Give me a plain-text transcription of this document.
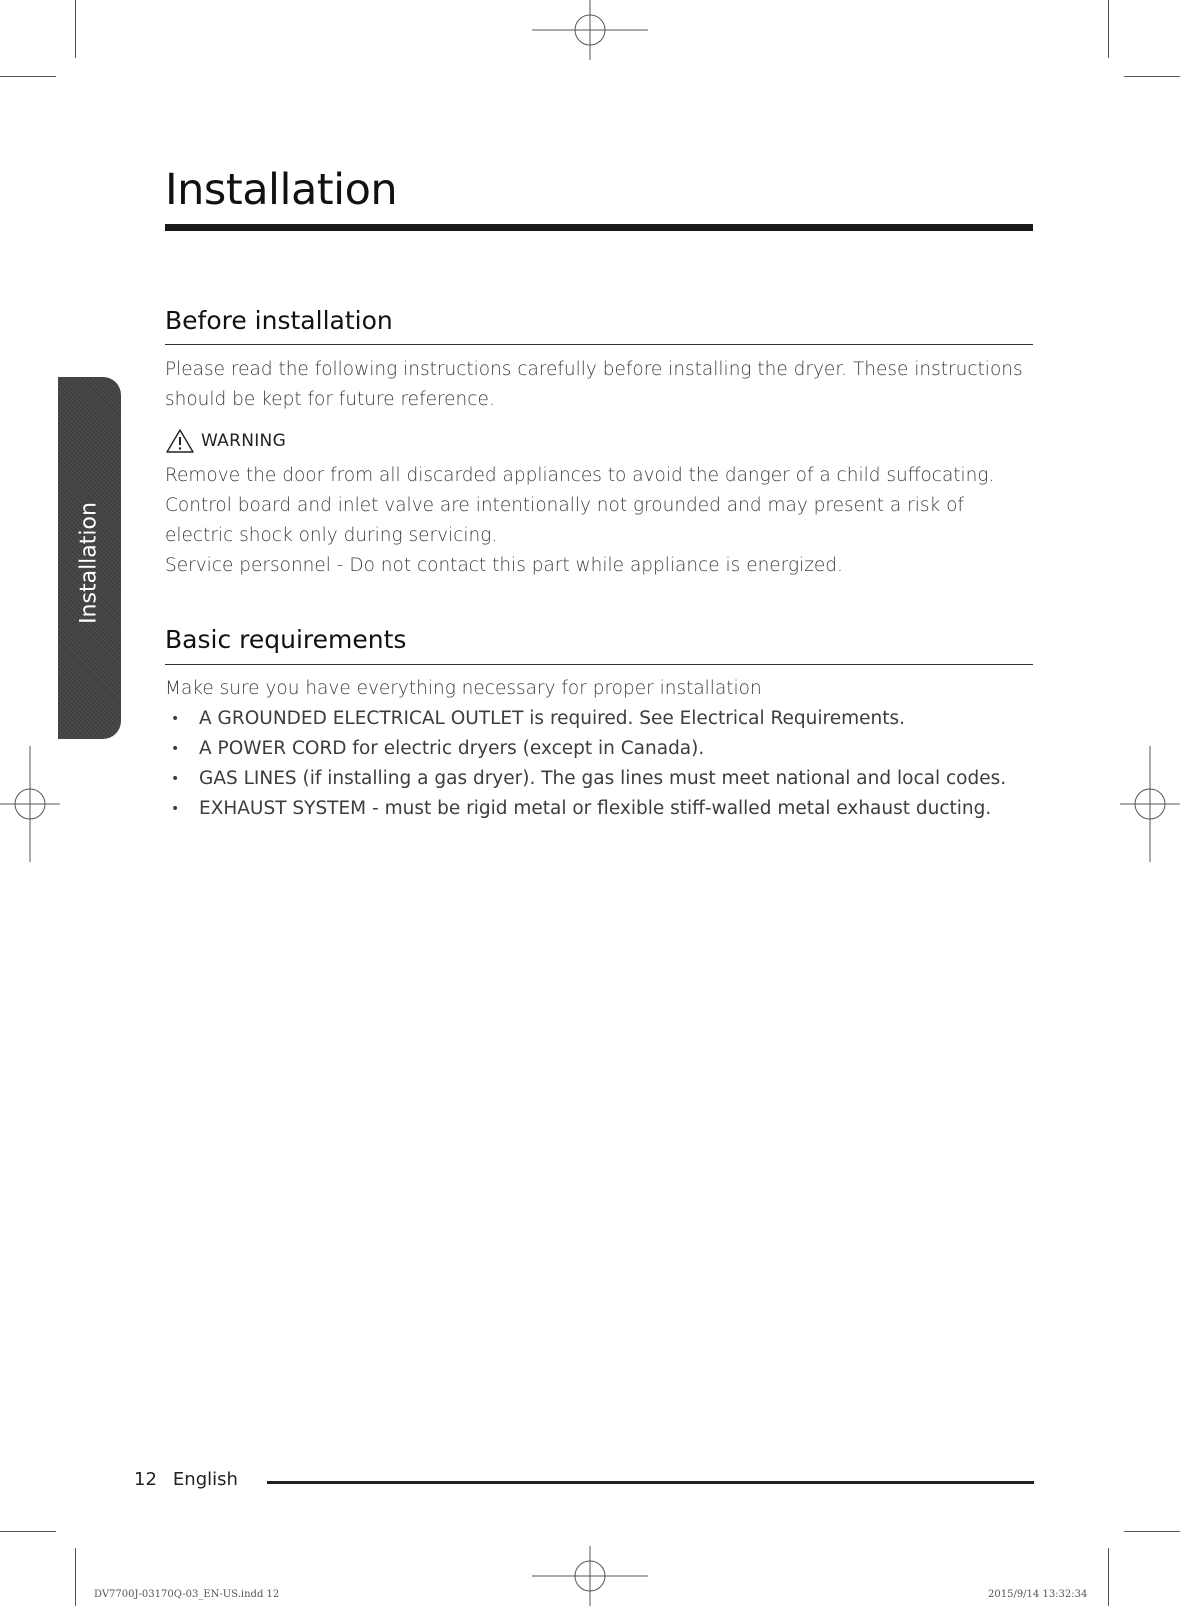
Installation
Installation
Before installation

Please read the following instructions carefully before installing the dryer. These instructions
should be kept for future reference.

WARNING

Remove the door from all discarded appliances to avoid the danger of a child suffocating.
Control board and inlet valve are intentionally not grounded and may present a risk of
electric shock only during servicing.
Service personnel - Do not contact this part while appliance is energized.

Basic requirements

Make sure you have everything necessary for proper installation

•	A GROUNDED ELECTRICAL OUTLET is required. See Electrical Requirements.
•	A POWER CORD for electric dryers (except in Canada).
•	GAS LINES (if installing a gas dryer). The gas lines must meet national and local codes.
•	EXHAUST SYSTEM - must be rigid metal or flexible stiff-walled metal exhaust ducting.
12 English
DV7700J-03170Q-03_EN-US.indd 12	2015/9/14 13:32:34
